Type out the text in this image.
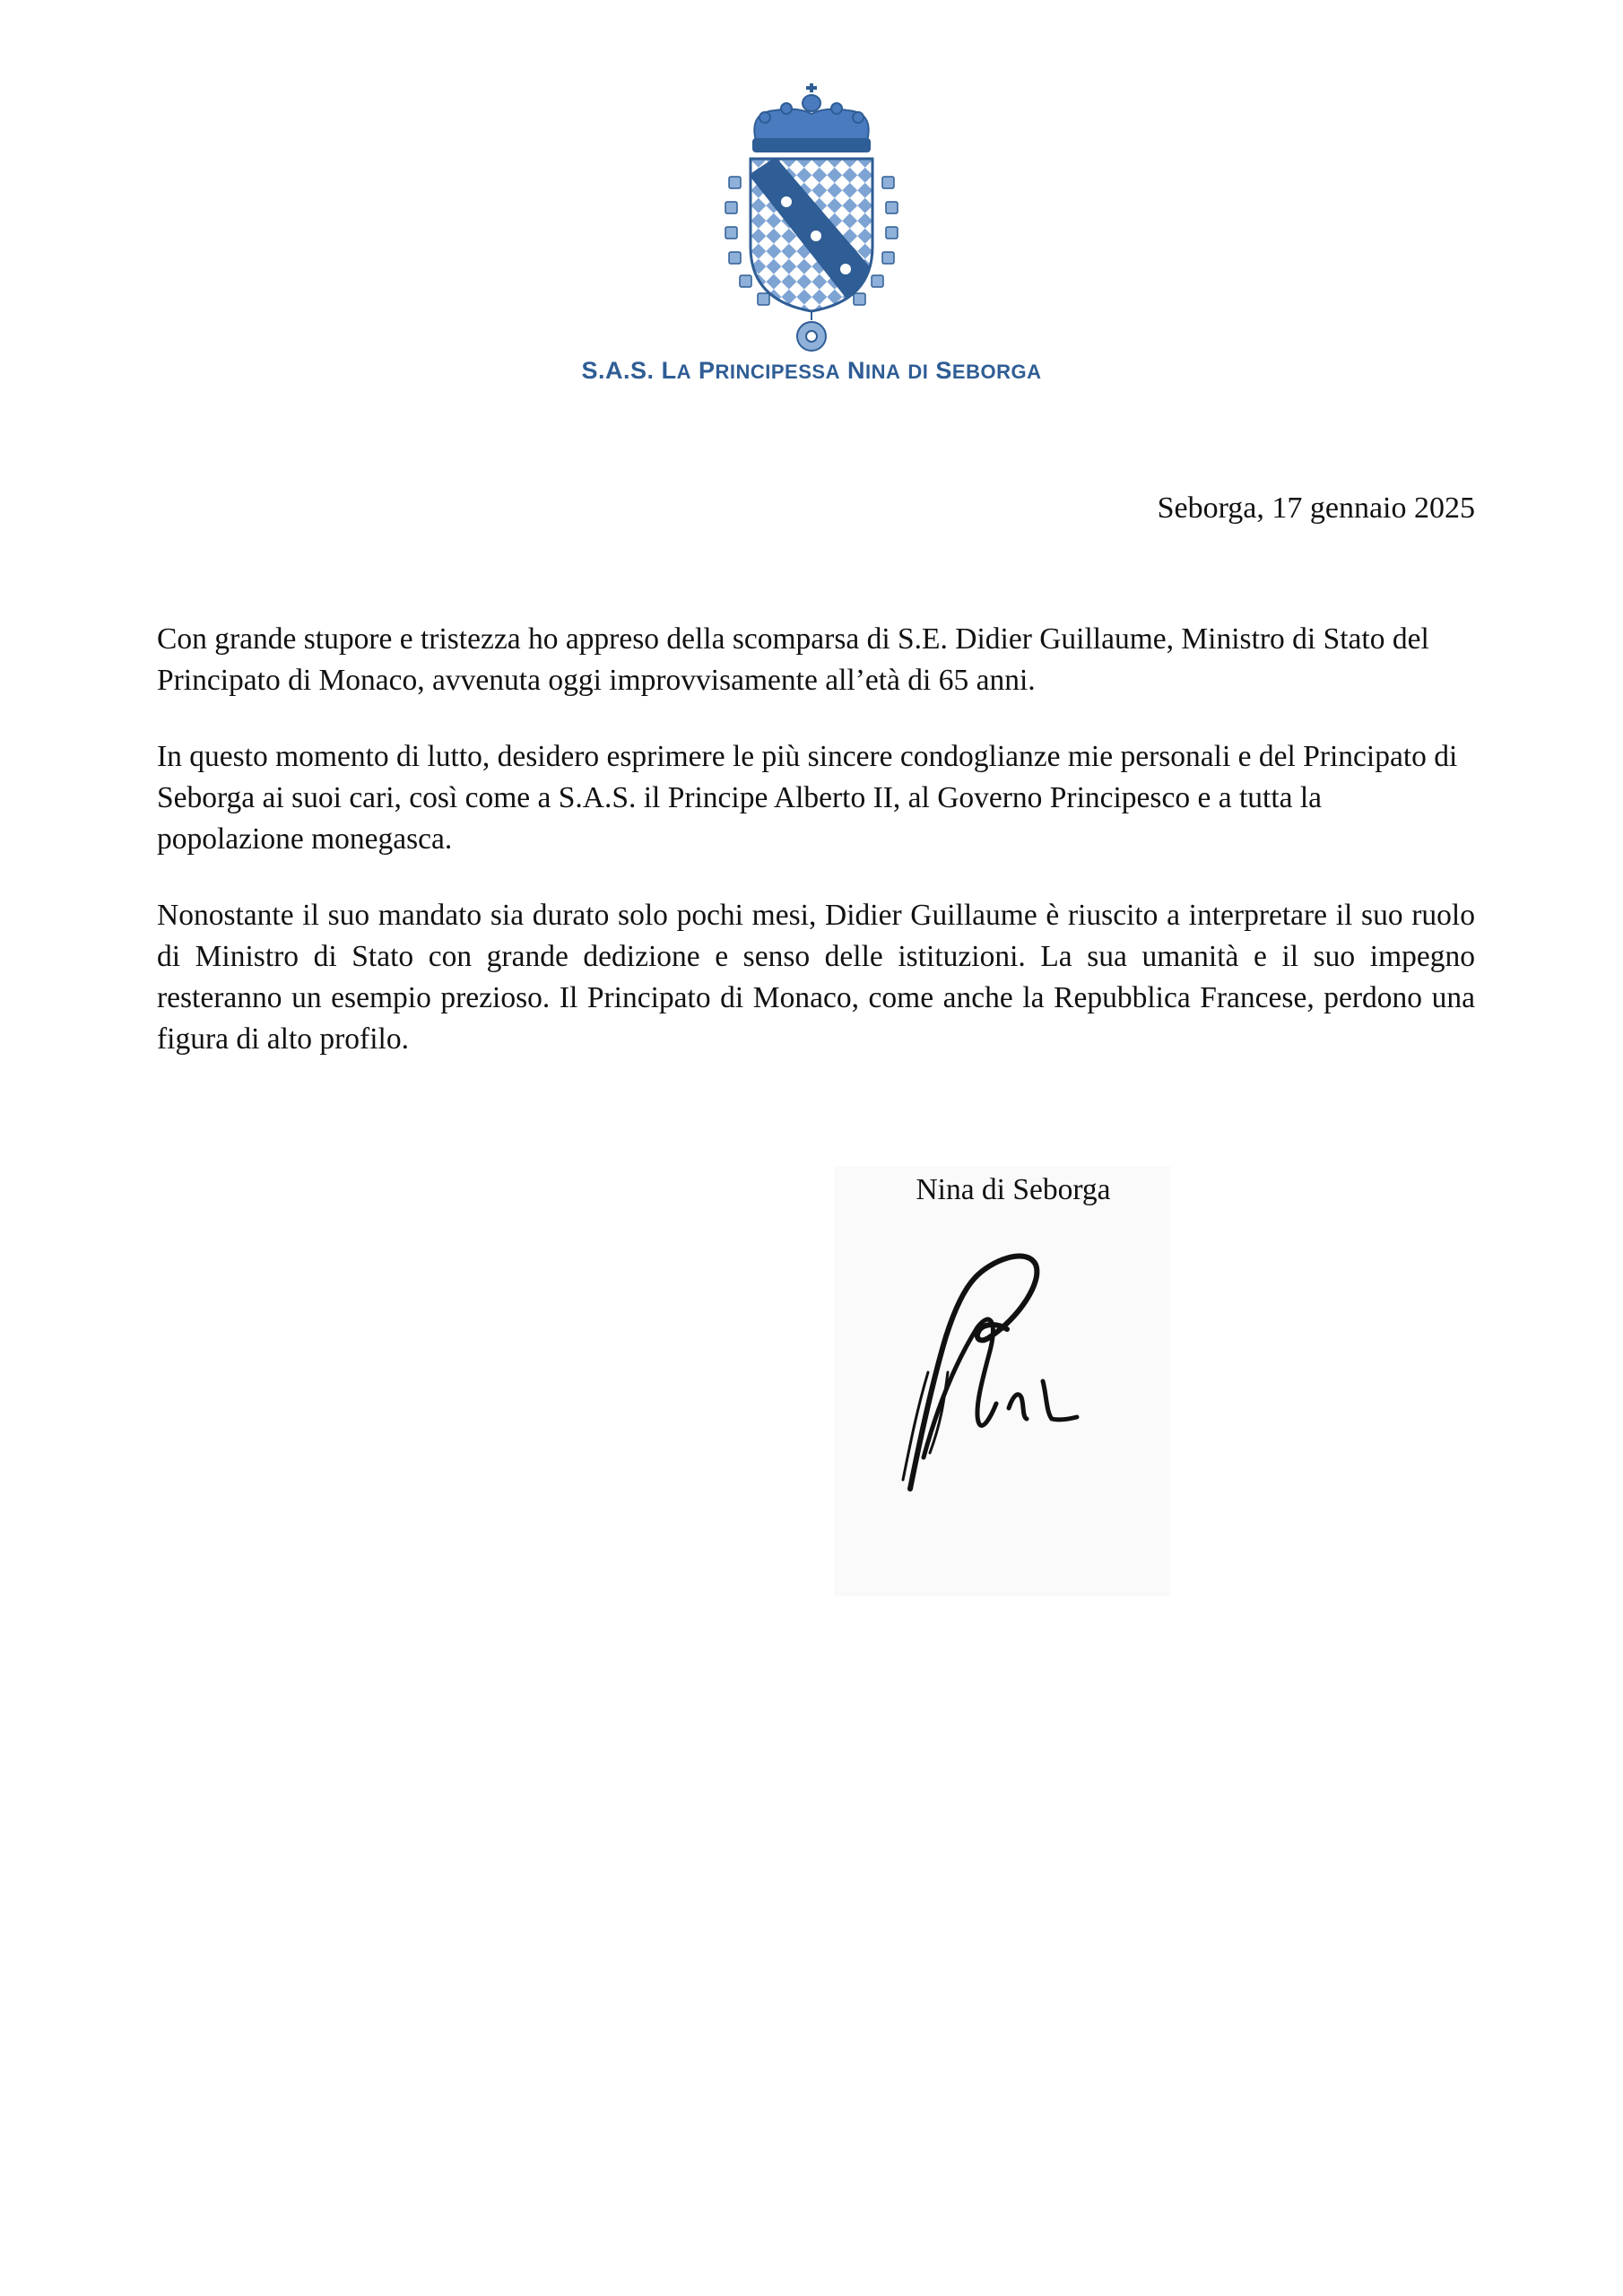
S.A.S. LA PRINCIPESSA NINA DI SEBORGA
Seborga, 17 gennaio 2025

Con grande stupore e tristezza ho appreso della scomparsa di S.E. Didier Guillaume, Ministro di Stato del Principato di Monaco, avvenuta oggi improvvisamente all’età di 65 anni.

In questo momento di lutto, desidero esprimere le più sincere condoglianze mie personali e del Principato di Seborga ai suoi cari, così come a S.A.S. il Principe Alberto II, al Governo Principesco e a tutta la popolazione monegasca.

Nonostante il suo mandato sia durato solo pochi mesi, Didier Guillaume è riuscito a interpretare il suo ruolo di Ministro di Stato con grande dedizione e senso delle istituzioni. La sua umanità e il suo impegno resteranno un esempio prezioso. Il Principato di Monaco, come anche la Repubblica Francese, perdono una figura di alto profilo.

Nina di Seborga
